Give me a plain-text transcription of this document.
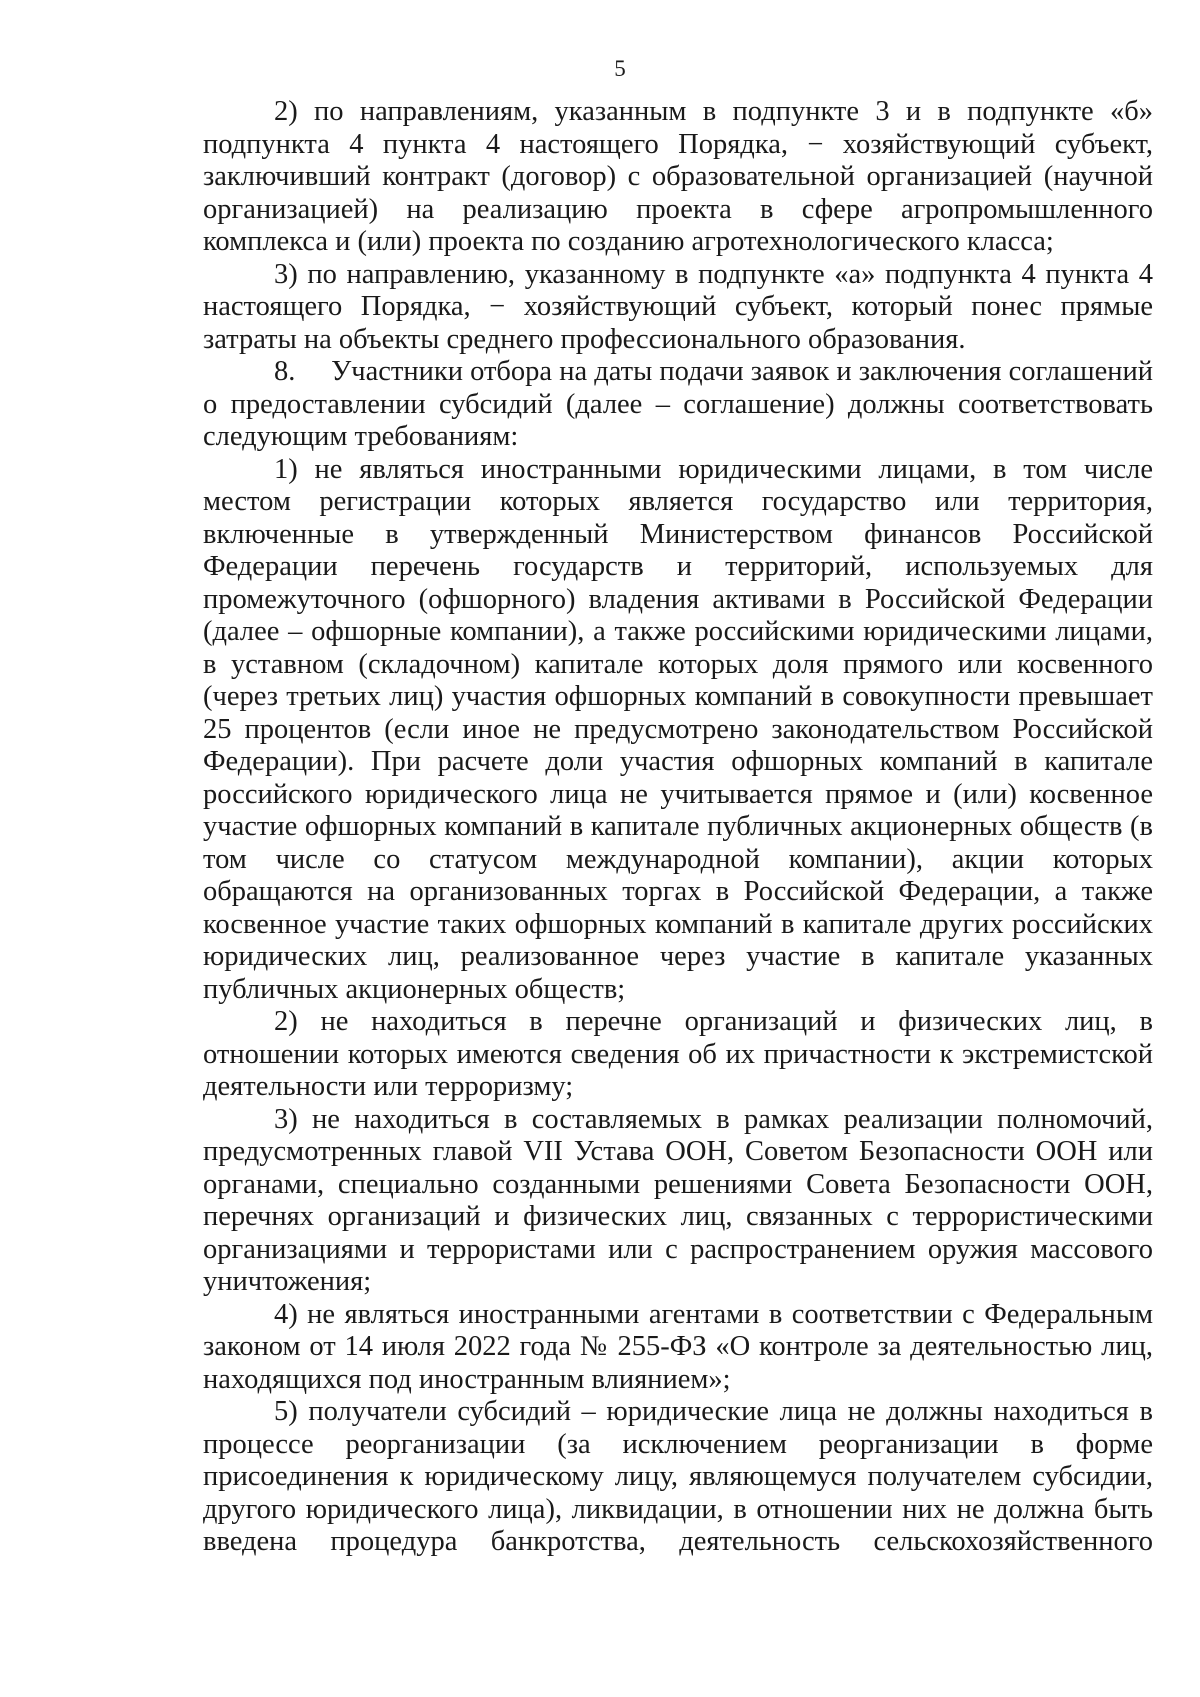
5

2) по направлениям, указанным в подпункте 3 и в подпункте «б» подпункта 4 пункта 4 настоящего Порядка, − хозяйствующий субъект, заключивший контракт (договор) с образовательной организацией (научной организацией) на реализацию проекта в сфере агропромышленного комплекса и (или) проекта по созданию агротехнологического класса;

3) по направлению, указанному в подпункте «а» подпункта 4 пункта 4 настоящего Порядка, − хозяйствующий субъект, который понес прямые затраты на объекты среднего профессионального образования.

8.     Участники отбора на даты подачи заявок и заключения соглашений о предоставлении субсидий (далее – соглашение) должны соответствовать следующим требованиям:

1) не являться иностранными юридическими лицами, в том числе местом регистрации которых является государство или территория, включенные в утвержденный Министерством финансов Российской Федерации перечень государств и территорий, используемых для промежуточного (офшорного) владения активами в Российской Федерации (далее – офшорные компании), а также российскими юридическими лицами, в уставном (складочном) капитале которых доля прямого или косвенного (через третьих лиц) участия офшорных компаний в совокупности превышает 25 процентов (если иное не предусмотрено законодательством Российской Федерации). При расчете доли участия офшорных компаний в капитале российского юридического лица не учитывается прямое и (или) косвенное участие офшорных компаний в капитале публичных акционерных обществ (в том числе со статусом международной компании), акции которых обращаются на организованных торгах в Российской Федерации, а также косвенное участие таких офшорных компаний в капитале других российских юридических лиц, реализованное через участие в капитале указанных публичных акционерных обществ;

2) не находиться в перечне организаций и физических лиц, в отношении которых имеются сведения об их причастности к экстремистской деятельности или терроризму;

3) не находиться в составляемых в рамках реализации полномочий, предусмотренных главой VII Устава ООН, Советом Безопасности ООН или органами, специально созданными решениями Совета Безопасности ООН, перечнях организаций и физических лиц, связанных с террористическими организациями и террористами или с распространением оружия массового уничтожения;

4) не являться иностранными агентами в соответствии с Федеральным законом от 14 июля 2022 года № 255-ФЗ «О контроле за деятельностью лиц, находящихся под иностранным влиянием»;

5) получатели субсидий – юридические лица не должны находиться в процессе реорганизации (за исключением реорганизации в форме присоединения к юридическому лицу, являющемуся получателем субсидии, другого юридического лица), ликвидации, в отношении них не должна быть введена процедура банкротства, деятельность сельскохозяйственного
